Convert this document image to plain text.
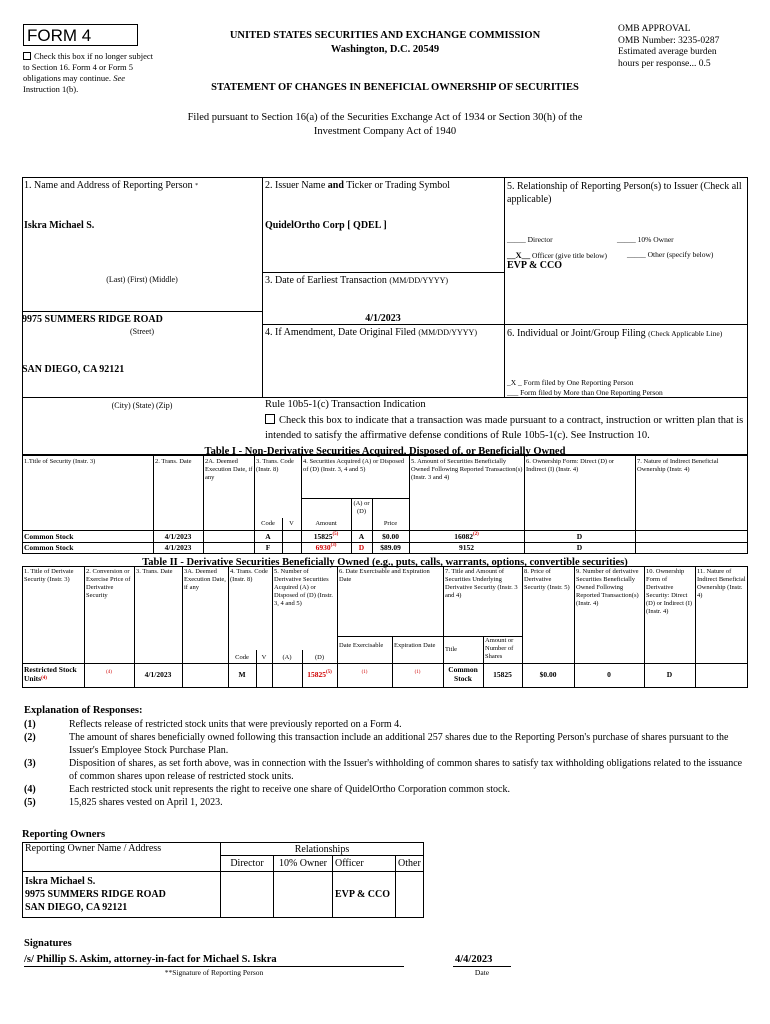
FORM 4
Check this box if no longer subject to Section 16. Form 4 or Form 5 obligations may continue. See Instruction 1(b).
UNITED STATES SECURITIES AND EXCHANGE COMMISSION
Washington, D.C. 20549
STATEMENT OF CHANGES IN BENEFICIAL OWNERSHIP OF SECURITIES
OMB APPROVAL
OMB Number: 3235-0287
Estimated average burden
hours per response... 0.5
Filed pursuant to Section 16(a) of the Securities Exchange Act of 1934 or Section 30(h) of the
Investment Company Act of 1940
1. Name and Address of Reporting Person *
Iskra Michael S.
(Last) (First) (Middle)
9975 SUMMERS RIDGE ROAD
(Street)
SAN DIEGO, CA 92121
(City) (State) (Zip)
2. Issuer Name and Ticker or Trading Symbol
QuidelOrtho Corp [ QDEL ]
3. Date of Earliest Transaction (MM/DD/YYYY)
4/1/2023
4. If Amendment, Date Original Filed (MM/DD/YYYY)
5. Relationship of Reporting Person(s) to Issuer (Check all applicable)
_____ Director	_____ 10% Owner
__X__ Officer (give title below)	_____ Other (specify below)
EVP & CCO
6. Individual or Joint/Group Filing (Check Applicable Line)
_X _ Form filed by One Reporting Person
___ Form filed by More than One Reporting Person
Rule 10b5-1(c) Transaction Indication
Check this box to indicate that a transaction was made pursuant to a contract, instruction or written plan that is intended to satisfy the affirmative defense conditions of Rule 10b5-1(c). See Instruction 10.
Table I - Non-Derivative Securities Acquired, Disposed of, or Beneficially Owned
1.Title of Security (Instr. 3)	2. Trans. Date	2A. Deemed Execution Date, if any
3. Trans. Code (Instr. 8)
4. Securities Acquired (A) or Disposed of (D) (Instr. 3, 4 and 5)
5. Amount of Securities Beneficially Owned Following Reported Transaction(s) (Instr. 3 and 4)
6. Ownership Form: Direct (D) or Indirect (I) (Instr. 4)
7. Nature of Indirect Beneficial Ownership (Instr. 4)
Code	V	Amount
(A) or (D)
Price
Common Stock	4/1/2023	A	15825$^{(5)}$	A	$0.00	16082$^{(2)}$	D
Common Stock	4/1/2023	F	6930$^{(3)}$	D	$89.09	9152	D
Table II - Derivative Securities Beneficially Owned (e.g., puts, calls, warrants, options, convertible securities)
1. Title of Derivate Security (Instr. 3)
2. Conversion or Exercise Price of Derivative Security
3. Trans. Date	3A. Deemed Execution Date, if any
4. Trans. Code (Instr. 8)
5. Number of Derivative Securities Acquired (A) or Disposed of (D) (Instr. 3, 4 and 5)
6. Date Exercisable and Expiration Date
7. Title and Amount of Securities Underlying Derivative Security (Instr. 3 and 4)
8. Price of Derivative Security (Instr. 5)
9. Number of derivative Securities Beneficially Owned Following Reported Transaction(s) (Instr. 4)
10. Ownership Form of Derivative Security: Direct (D) or Indirect (I) (Instr. 4)
11. Nature of Indirect Beneficial Ownership (Instr. 4)
Code	V	(A)	(D)
Date Exercisable	Expiration Date
Title
Amount or Number of Shares
Restricted Stock Units$^{(4)}$
(4)	4/1/2023	M	15825$^{(5)}$	(1)	(1)	Common Stock	15825	$0.00	0	D
Explanation of Responses:
(1)	Reflects release of restricted stock units that were previously reported on a Form 4.
(2)	The amount of shares beneficially owned following this transaction include an additional 257 shares due to the Reporting Person's purchase of shares pursuant to the Issuer's Employee Stock Purchase Plan.
(3)	Disposition of shares, as set forth above, was in connection with the Issuer's withholding of common shares to satisfy tax withholding obligations related to the issuance of common shares upon release of restricted stock units.
(4)	Each restricted stock unit represents the right to receive one share of QuidelOrtho Corporation common stock.
(5)	15,825 shares vested on April 1, 2023.
Reporting Owners
Reporting Owner Name / Address	Relationships			
	Director	10% Owner	Officer	Other

Iskra Michael S.
9975 SUMMERS RIDGE ROAD
SAN DIEGO, CA 92121			EVP & CCO	
Signatures
/s/ Phillip S. Askim, attorney-in-fact for Michael S. Iskra	4/4/2023
**Signature of Reporting Person	Date
